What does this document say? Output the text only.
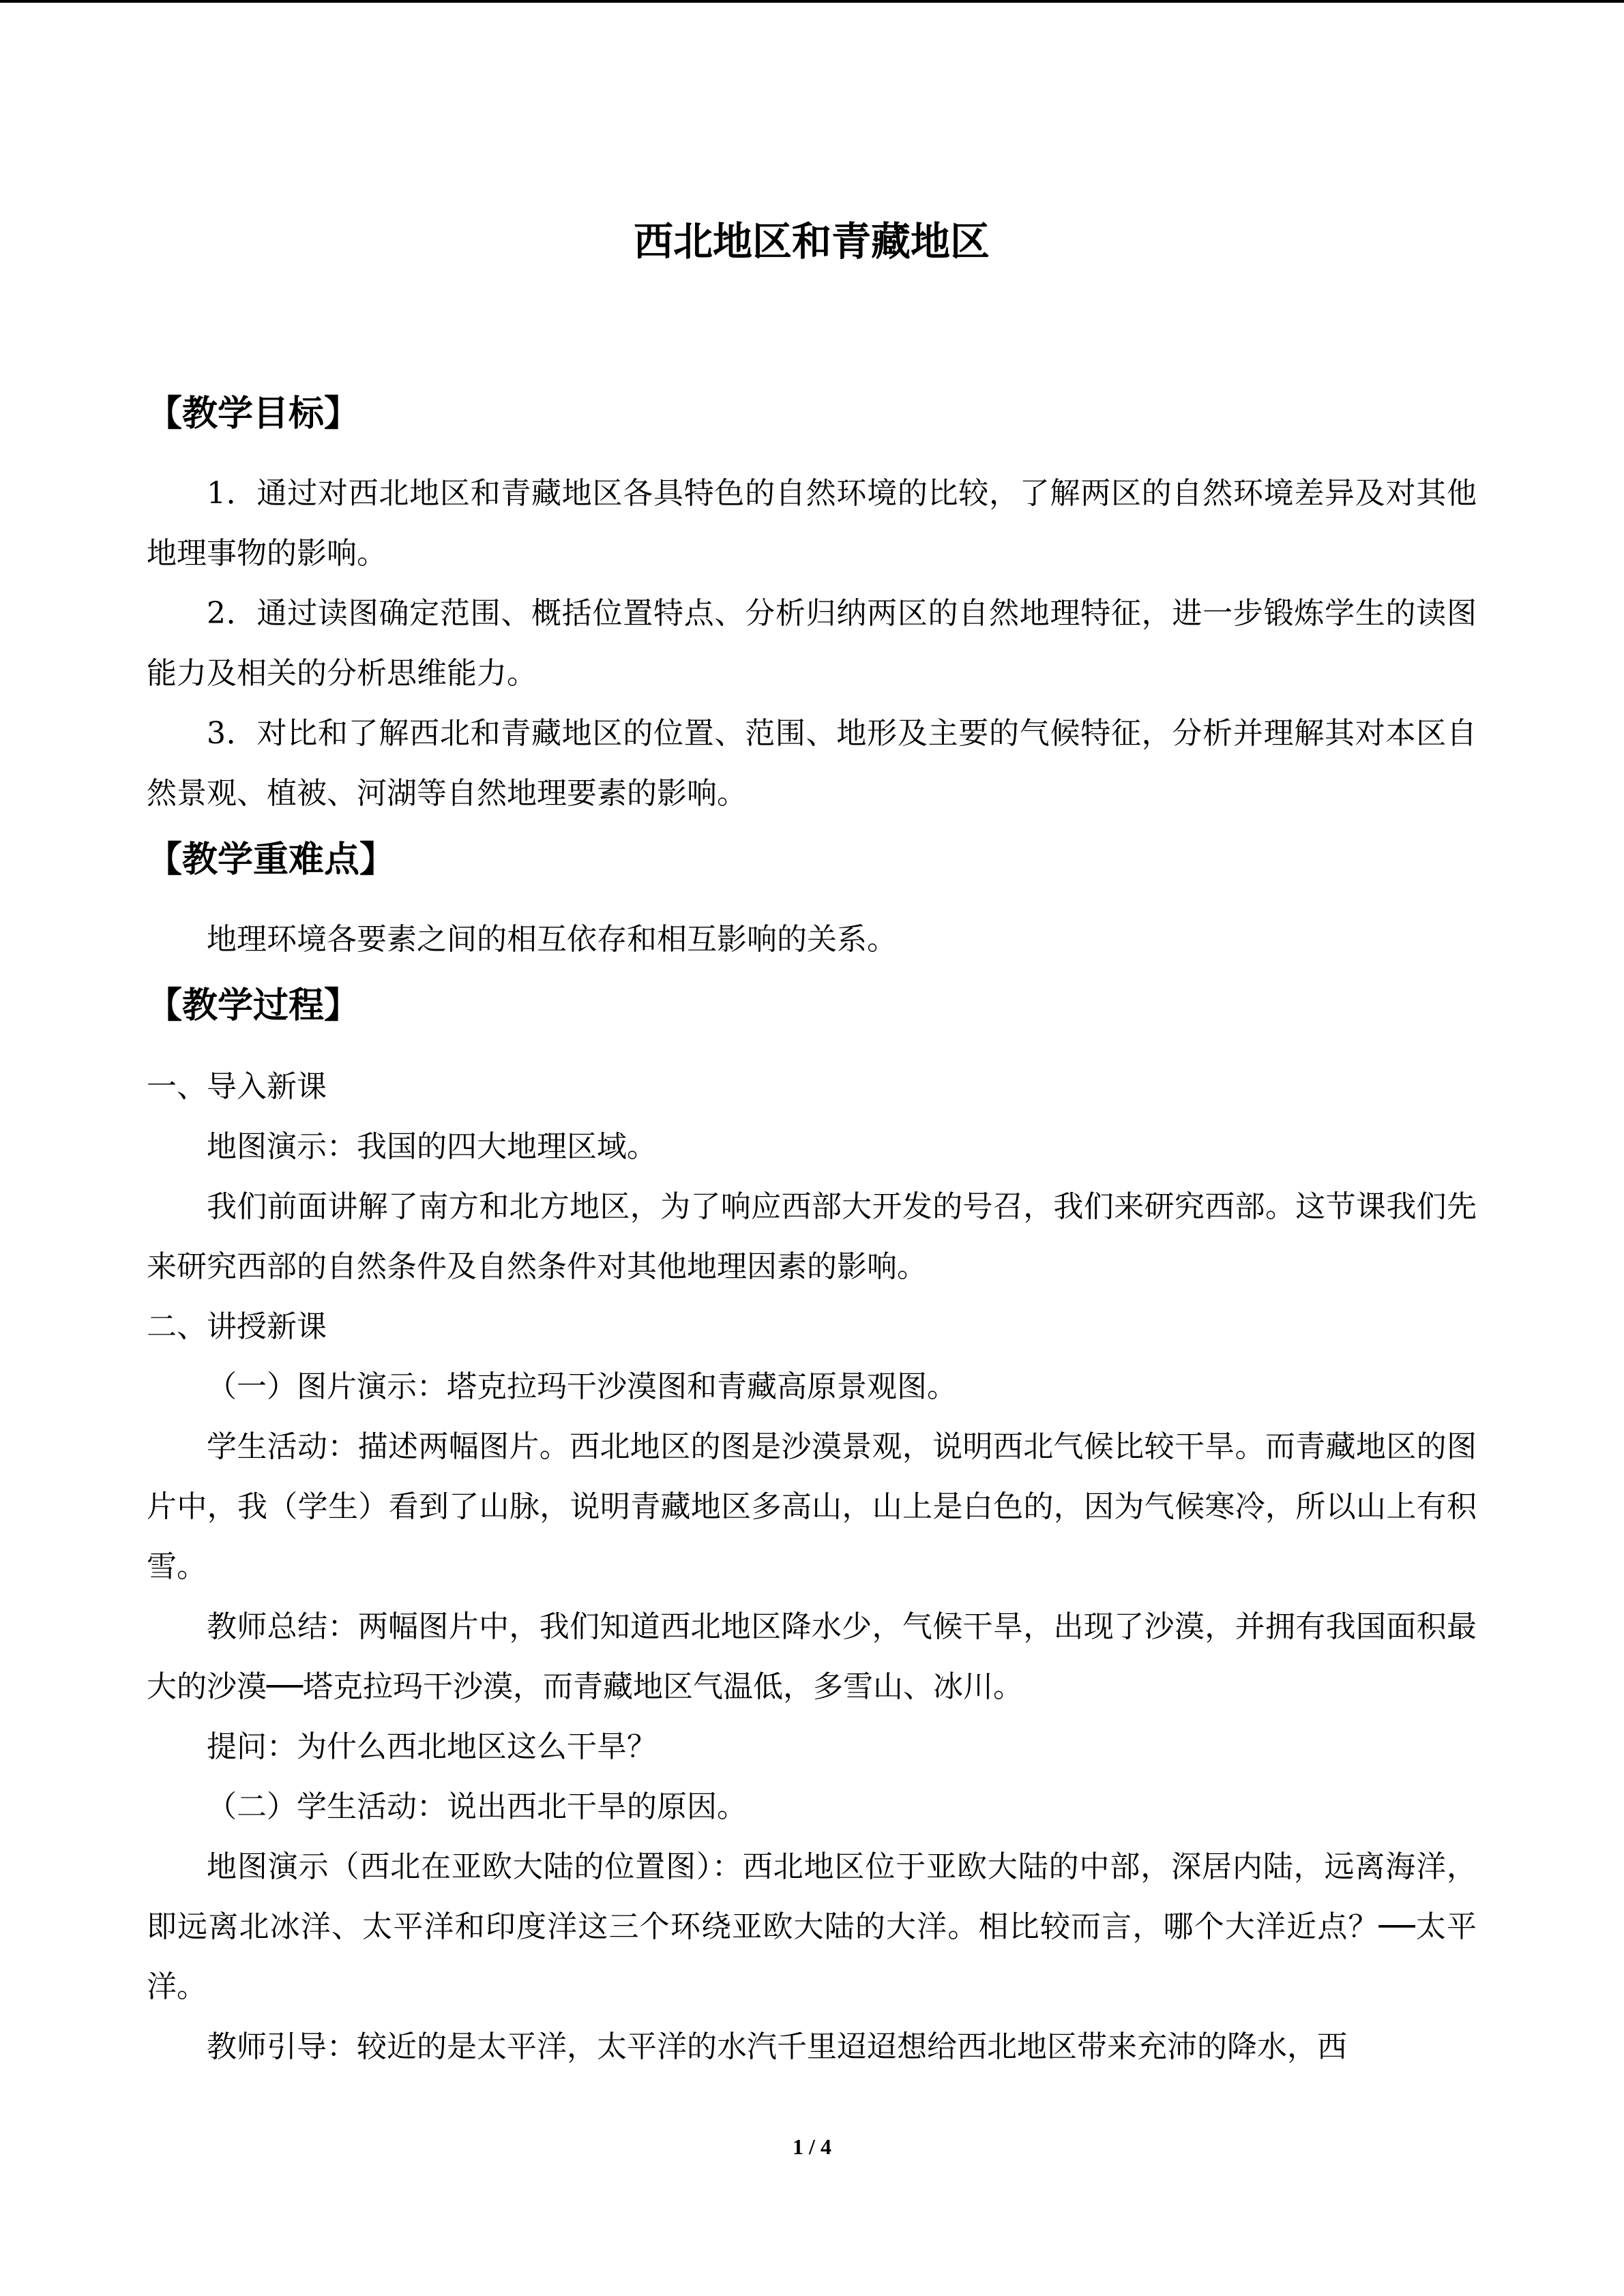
西北地区和青藏地区
【教学目标】

1．通过对西北地区和青藏地区各具特色的自然环境的比较，了解两区的自然环境差异及对其他地理事物的影响。

2．通过读图确定范围、概括位置特点、分析归纳两区的自然地理特征，进一步锻炼学生的读图能力及相关的分析思维能力。

3．对比和了解西北和青藏地区的位置、范围、地形及主要的气候特征，分析并理解其对本区自然景观、植被、河湖等自然地理要素的影响。

【教学重难点】

地理环境各要素之间的相互依存和相互影响的关系。

【教学过程】

一、导入新课

地图演示：我国的四大地理区域。

我们前面讲解了南方和北方地区，为了响应西部大开发的号召，我们来研究西部。这节课我们先来研究西部的自然条件及自然条件对其他地理因素的影响。

二、讲授新课

（一）图片演示：塔克拉玛干沙漠图和青藏高原景观图。

学生活动：描述两幅图片。西北地区的图是沙漠景观，说明西北气候比较干旱。而青藏地区的图片中，我（学生）看到了山脉，说明青藏地区多高山，山上是白色的，因为气候寒冷，所以山上有积雪。

教师总结：两幅图片中，我们知道西北地区降水少，气候干旱，出现了沙漠，并拥有我国面积最大的沙漠──塔克拉玛干沙漠，而青藏地区气温低，多雪山、冰川。

提问：为什么西北地区这么干旱？

（二）学生活动：说出西北干旱的原因。

地图演示（西北在亚欧大陆的位置图）：西北地区位于亚欧大陆的中部，深居内陆，远离海洋，即远离北冰洋、太平洋和印度洋这三个环绕亚欧大陆的大洋。相比较而言，哪个大洋近点？──太平洋。

教师引导：较近的是太平洋，太平洋的水汽千里迢迢想给西北地区带来充沛的降水，西

1 / 4
